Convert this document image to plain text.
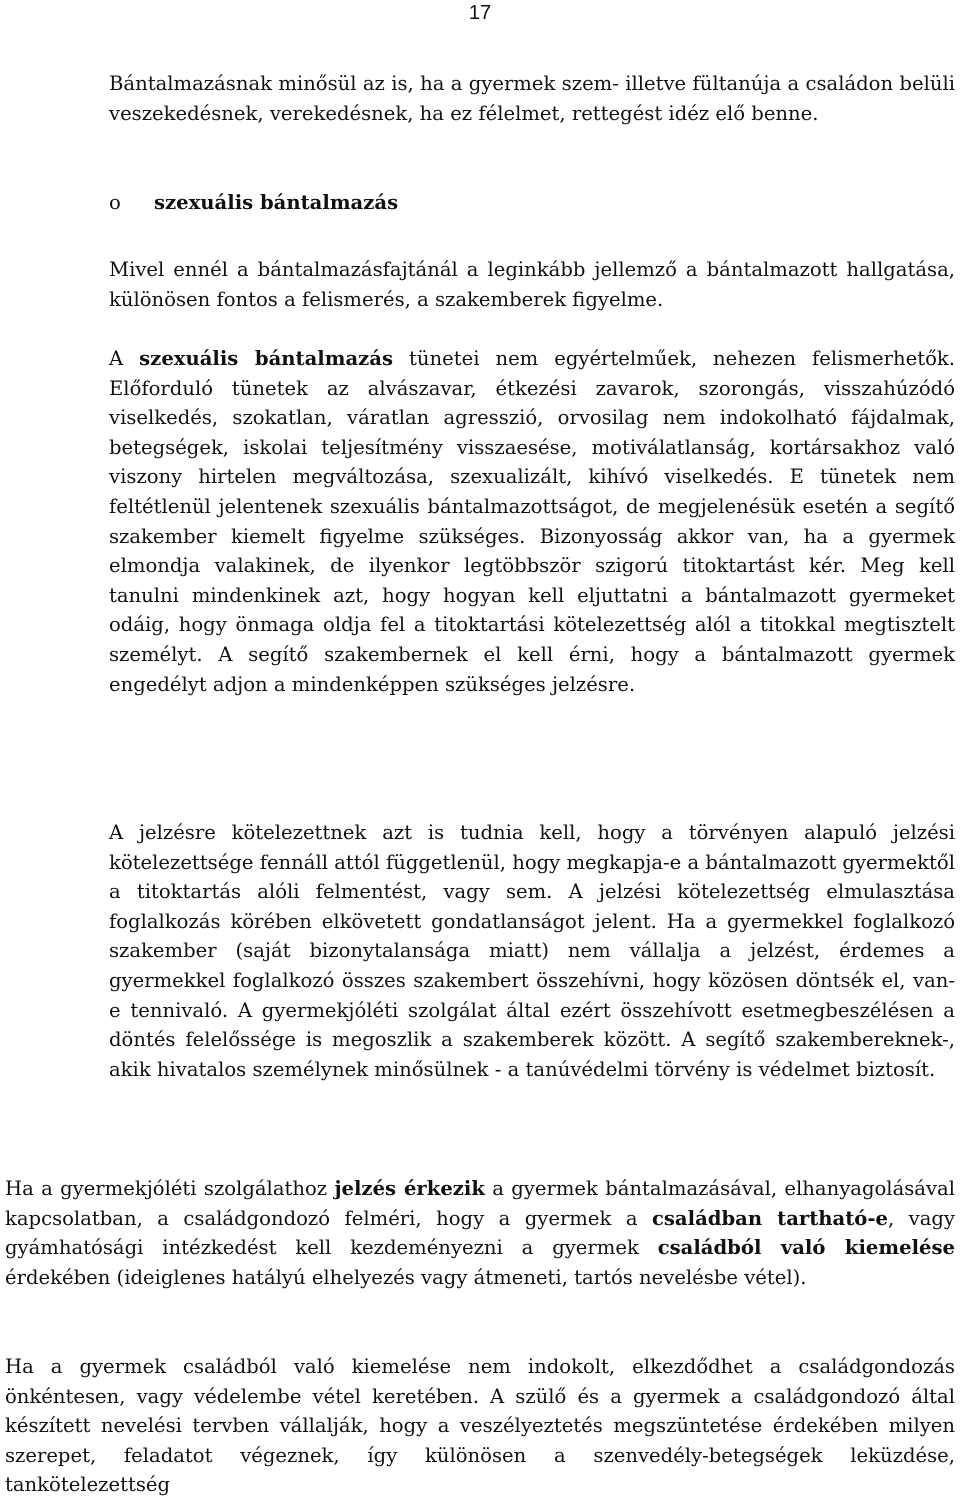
17

Bántalmazásnak minősül az is, ha a gyermek szem- illetve fültanúja a családon belüli veszekedésnek, verekedésnek, ha ez félelmet, rettegést idéz elő benne.

o szexuális bántalmazás

Mivel ennél a bántalmazásfajtánál a leginkább jellemző a bántalmazott hallgatása, különösen fontos a felismerés, a szakemberek figyelme.

A szexuális bántalmazás tünetei nem egyértelműek, nehezen felismerhetők. Előforduló tünetek az alvászavar, étkezési zavarok, szorongás, visszahúzódó viselkedés, szokatlan, váratlan agresszió, orvosilag nem indokolható fájdalmak, betegségek, iskolai teljesítmény visszaesése, motiválatlanság, kortársakhoz való viszony hirtelen megváltozása, szexualizált, kihívó viselkedés. E tünetek nem feltétlenül jelentenek szexuális bántalmazottságot, de megjelenésük esetén a segítő szakember kiemelt figyelme szükséges. Bizonyosság akkor van, ha a gyermek elmondja valakinek, de ilyenkor legtöbbször szigorú titoktartást kér. Meg kell tanulni mindenkinek azt, hogy hogyan kell eljuttatni a bántalmazott gyermeket odáig, hogy önmaga oldja fel a titoktartási kötelezettség alól a titokkal megtisztelt személyt. A segítő szakembernek el kell érni, hogy a bántalmazott gyermek engedélyt adjon a mindenképpen szükséges jelzésre.

A jelzésre kötelezettnek azt is tudnia kell, hogy a törvényen alapuló jelzési kötelezettsége fennáll attól függetlenül, hogy megkapja-e a bántalmazott gyermektől a titoktartás alóli felmentést, vagy sem. A jelzési kötelezettség elmulasztása foglalkozás körében elkövetett gondatlanságot jelent. Ha a gyermekkel foglalkozó szakember (saját bizonytalansága miatt) nem vállalja a jelzést, érdemes a gyermekkel foglalkozó összes szakembert összehívni, hogy közösen döntsék el, van-e tennivaló. A gyermekjóléti szolgálat által ezért összehívott esetmegbeszélésen a döntés felelőssége is megoszlik a szakemberek között. A segítő szakembereknek-, akik hivatalos személynek minősülnek - a tanúvédelmi törvény is védelmet biztosít.

Ha a gyermekjóléti szolgálathoz jelzés érkezik a gyermek bántalmazásával, elhanyagolásával kapcsolatban, a családgondozó felméri, hogy a gyermek a családban tartható-e, vagy gyámhatósági intézkedést kell kezdeményezni a gyermek családból való kiemelése érdekében (ideiglenes hatályú elhelyezés vagy átmeneti, tartós nevelésbe vétel).

Ha a gyermek családból való kiemelése nem indokolt, elkezdődhet a családgondozás önkéntesen, vagy védelembe vétel keretében. A szülő és a gyermek a családgondozó által készített nevelési tervben vállalják, hogy a veszélyeztetés megszüntetése érdekében milyen szerepet, feladatot végeznek, így különösen a szenvedély-betegségek leküzdése, tankötelezettség
